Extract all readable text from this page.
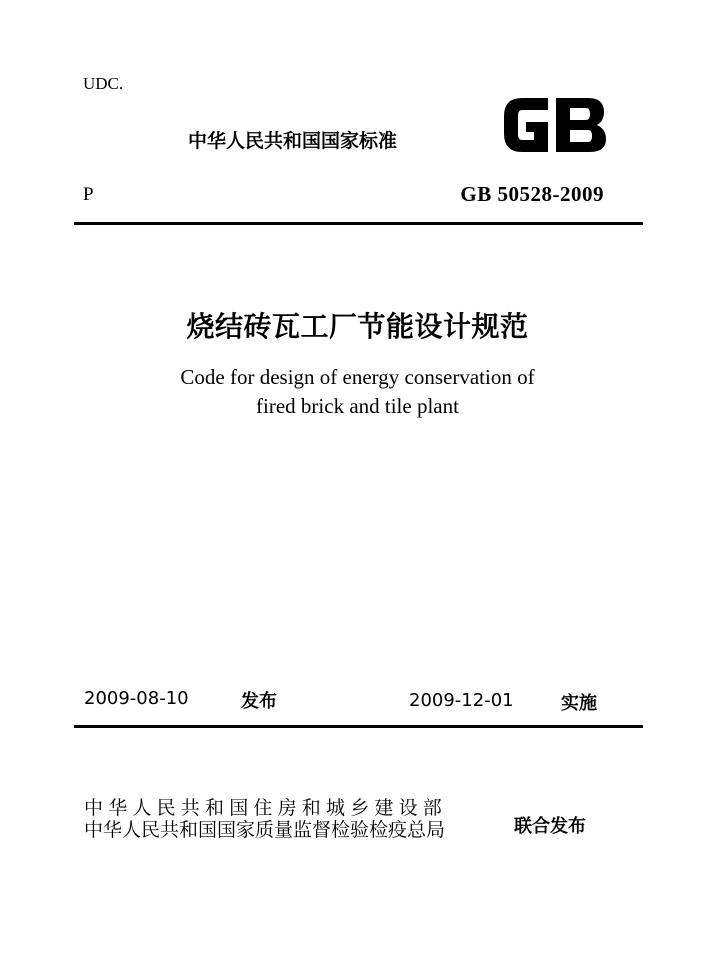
UDC.
中华人民共和国国家标准
P	GB 50528-2009
烧结砖瓦工厂节能设计规范
Code for design of energy conservation of
fired brick and tile plant
2009-08-10	发布	2009-12-01	实施
中华人民共和国住房和城乡建设部
中华人民共和国国家质量监督检验检疫总局	联合发布
